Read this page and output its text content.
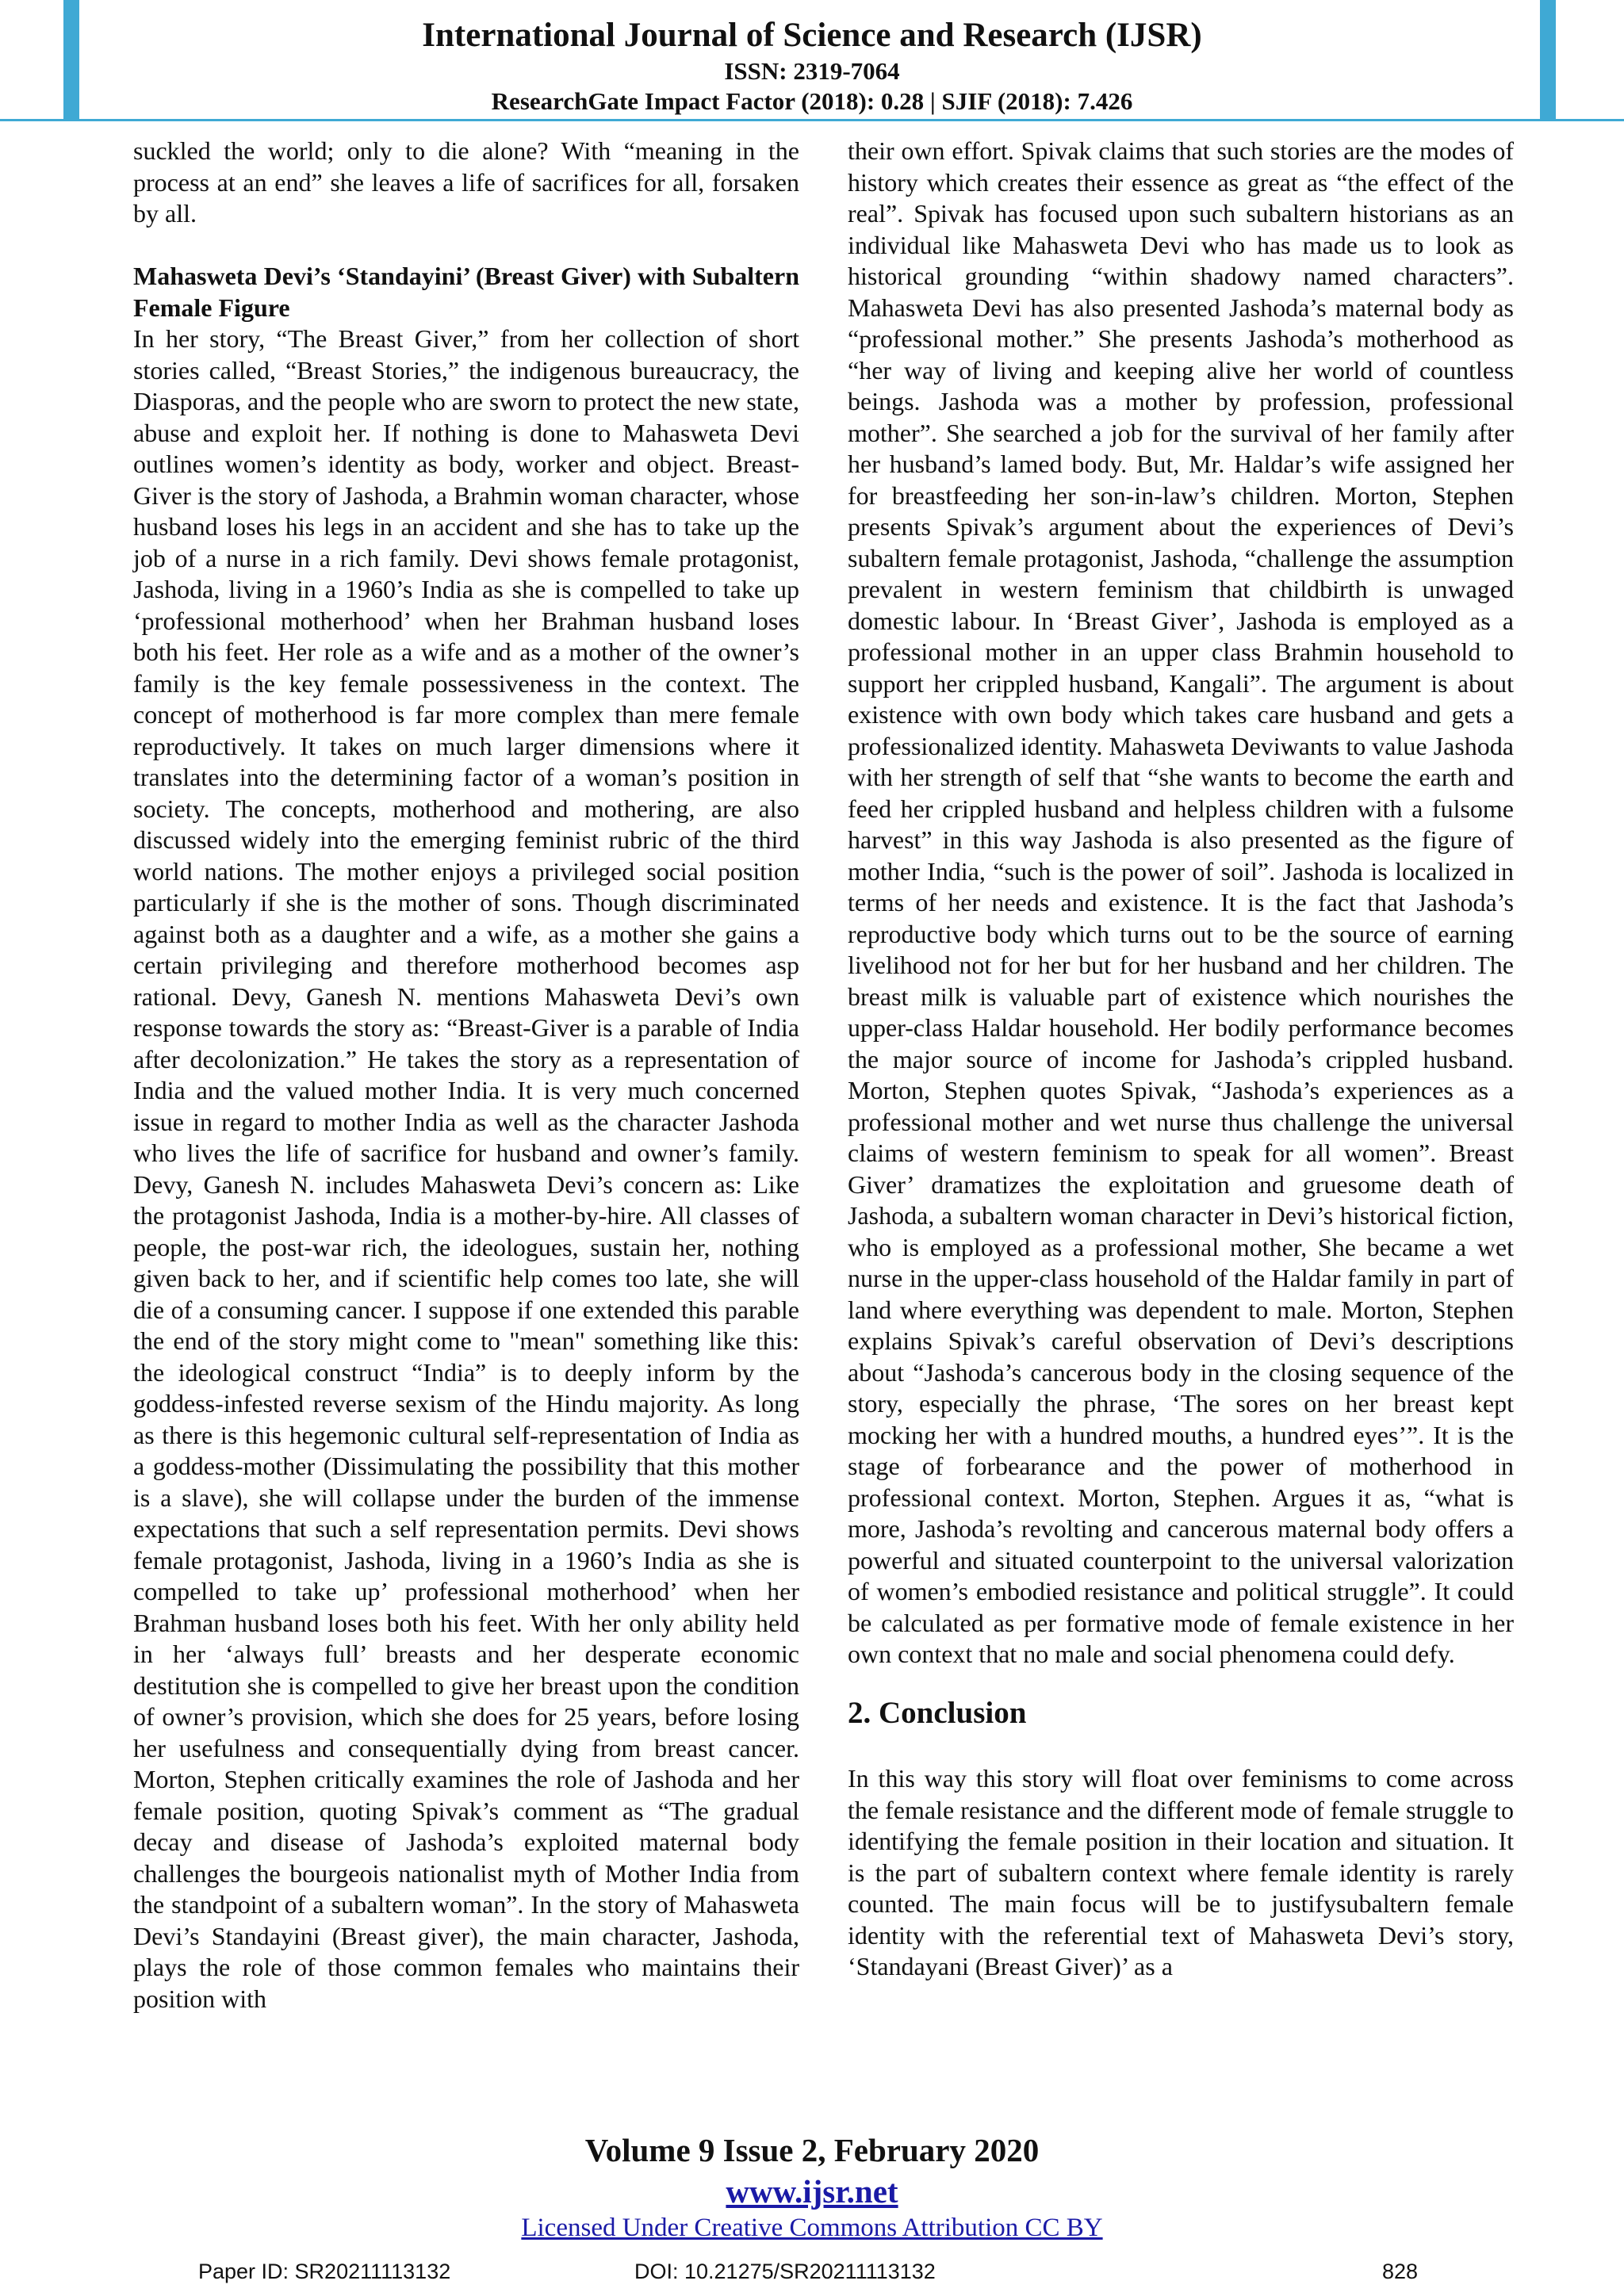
International Journal of Science and Research (IJSR)
ISSN: 2319-7064
ResearchGate Impact Factor (2018): 0.28 | SJIF (2018): 7.426

suckled the world; only to die alone? With “meaning in the process at an end” she leaves a life of sacrifices for all, forsaken by all.

Mahasweta Devi’s ‘Standayini’ (Breast Giver) with Subaltern Female Figure

In her story, “The Breast Giver,” from her collection of short stories called, “Breast Stories,” the indigenous bureaucracy, the Diasporas, and the people who are sworn to protect the new state, abuse and exploit her. If nothing is done to Mahasweta Devi outlines women’s identity as body, worker and object. Breast-Giver is the story of Jashoda, a Brahmin woman character, whose husband loses his legs in an accident and she has to take up the job of a nurse in a rich family. Devi shows female protagonist, Jashoda, living in a 1960’s India as she is compelled to take up ‘professional motherhood’ when her Brahman husband loses both his feet. Her role as a wife and as a mother of the owner’s family is the key female possessiveness in the context. The concept of motherhood is far more complex than mere female reproductively. It takes on much larger dimensions where it translates into the determining factor of a woman’s position in society. The concepts, motherhood and mothering, are also discussed widely into the emerging feminist rubric of the third world nations. The mother enjoys a privileged social position particularly if she is the mother of sons. Though discriminated against both as a daughter and a wife, as a mother she gains a certain privileging and therefore motherhood becomes asp rational. Devy, Ganesh N. mentions Mahasweta Devi’s own response towards the story as: “Breast-Giver is a parable of India after decolonization.” He takes the story as a representation of India and the valued mother India. It is very much concerned issue in regard to mother India as well as the character Jashoda who lives the life of sacrifice for husband and owner’s family. Devy, Ganesh N. includes Mahasweta Devi’s concern as: Like the protagonist Jashoda, India is a mother-by-hire. All classes of people, the post-war rich, the ideologues, sustain her, nothing given back to her, and if scientific help comes too late, she will die of a consuming cancer. I suppose if one extended this parable the end of the story might come to "mean" something like this: the ideological construct “India” is to deeply inform by the goddess-infested reverse sexism of the Hindu majority. As long as there is this hegemonic cultural self-representation of India as a goddess-mother (Dissimulating the possibility that this mother is a slave), she will collapse under the burden of the immense expectations that such a self representation permits. Devi shows female protagonist, Jashoda, living in a 1960’s India as she is compelled to take up’ professional motherhood’ when her Brahman husband loses both his feet. With her only ability held in her ‘always full’ breasts and her desperate economic destitution she is compelled to give her breast upon the condition of owner’s provision, which she does for 25 years, before losing her usefulness and consequentially dying from breast cancer. Morton, Stephen critically examines the role of Jashoda and her female position, quoting Spivak’s comment as “The gradual decay and disease of Jashoda’s exploited maternal body challenges the bourgeois nationalist myth of Mother India from the standpoint of a subaltern woman”. In the story of Mahasweta Devi’s Standayini (Breast giver), the main character, Jashoda, plays the role of those common females who maintains their position with

their own effort. Spivak claims that such stories are the modes of history which creates their essence as great as “the effect of the real”. Spivak has focused upon such subaltern historians as an individual like Mahasweta Devi who has made us to look as historical grounding “within shadowy named characters”. Mahasweta Devi has also presented Jashoda’s maternal body as “professional mother.” She presents Jashoda’s motherhood as “her way of living and keeping alive her world of countless beings. Jashoda was a mother by profession, professional mother”. She searched a job for the survival of her family after her husband’s lamed body. But, Mr. Haldar’s wife assigned her for breastfeeding her son-in-law’s children. Morton, Stephen presents Spivak’s argument about the experiences of Devi’s subaltern female protagonist, Jashoda, “challenge the assumption prevalent in western feminism that childbirth is unwaged domestic labour. In ‘Breast Giver’, Jashoda is employed as a professional mother in an upper class Brahmin household to support her crippled husband, Kangali”. The argument is about existence with own body which takes care husband and gets a professionalized identity. Mahasweta Deviwants to value Jashoda with her strength of self that “she wants to become the earth and feed her crippled husband and helpless children with a fulsome harvest” in this way Jashoda is also presented as the figure of mother India, “such is the power of soil”. Jashoda is localized in terms of her needs and existence. It is the fact that Jashoda’s reproductive body which turns out to be the source of earning livelihood not for her but for her husband and her children. The breast milk is valuable part of existence which nourishes the upper-class Haldar household. Her bodily performance becomes the major source of income for Jashoda’s crippled husband. Morton, Stephen quotes Spivak, “Jashoda’s experiences as a professional mother and wet nurse thus challenge the universal claims of western feminism to speak for all women”. Breast Giver’ dramatizes the exploitation and gruesome death of Jashoda, a subaltern woman character in Devi’s historical fiction, who is employed as a professional mother, She became a wet nurse in the upper-class household of the Haldar family in part of land where everything was dependent to male. Morton, Stephen explains Spivak’s careful observation of Devi’s descriptions about “Jashoda’s cancerous body in the closing sequence of the story, especially the phrase, ‘The sores on her breast kept mocking her with a hundred mouths, a hundred eyes’”. It is the stage of forbearance and the power of motherhood in professional context. Morton, Stephen. Argues it as, “what is more, Jashoda’s revolting and cancerous maternal body offers a powerful and situated counterpoint to the universal valorization of women’s embodied resistance and political struggle”. It could be calculated as per formative mode of female existence in her own context that no male and social phenomena could defy.

2. Conclusion

In this way this story will float over feminisms to come across the female resistance and the different mode of female struggle to identifying the female position in their location and situation. It is the part of subaltern context where female identity is rarely counted. The main focus will be to justifysubaltern female identity with the referential text of Mahasweta Devi’s story, ‘Standayani (Breast Giver)’ as a

Volume 9 Issue 2, February 2020
www.ijsr.net
Licensed Under Creative Commons Attribution CC BY
Paper ID: SR20211113132	DOI: 10.21275/SR20211113132	828
